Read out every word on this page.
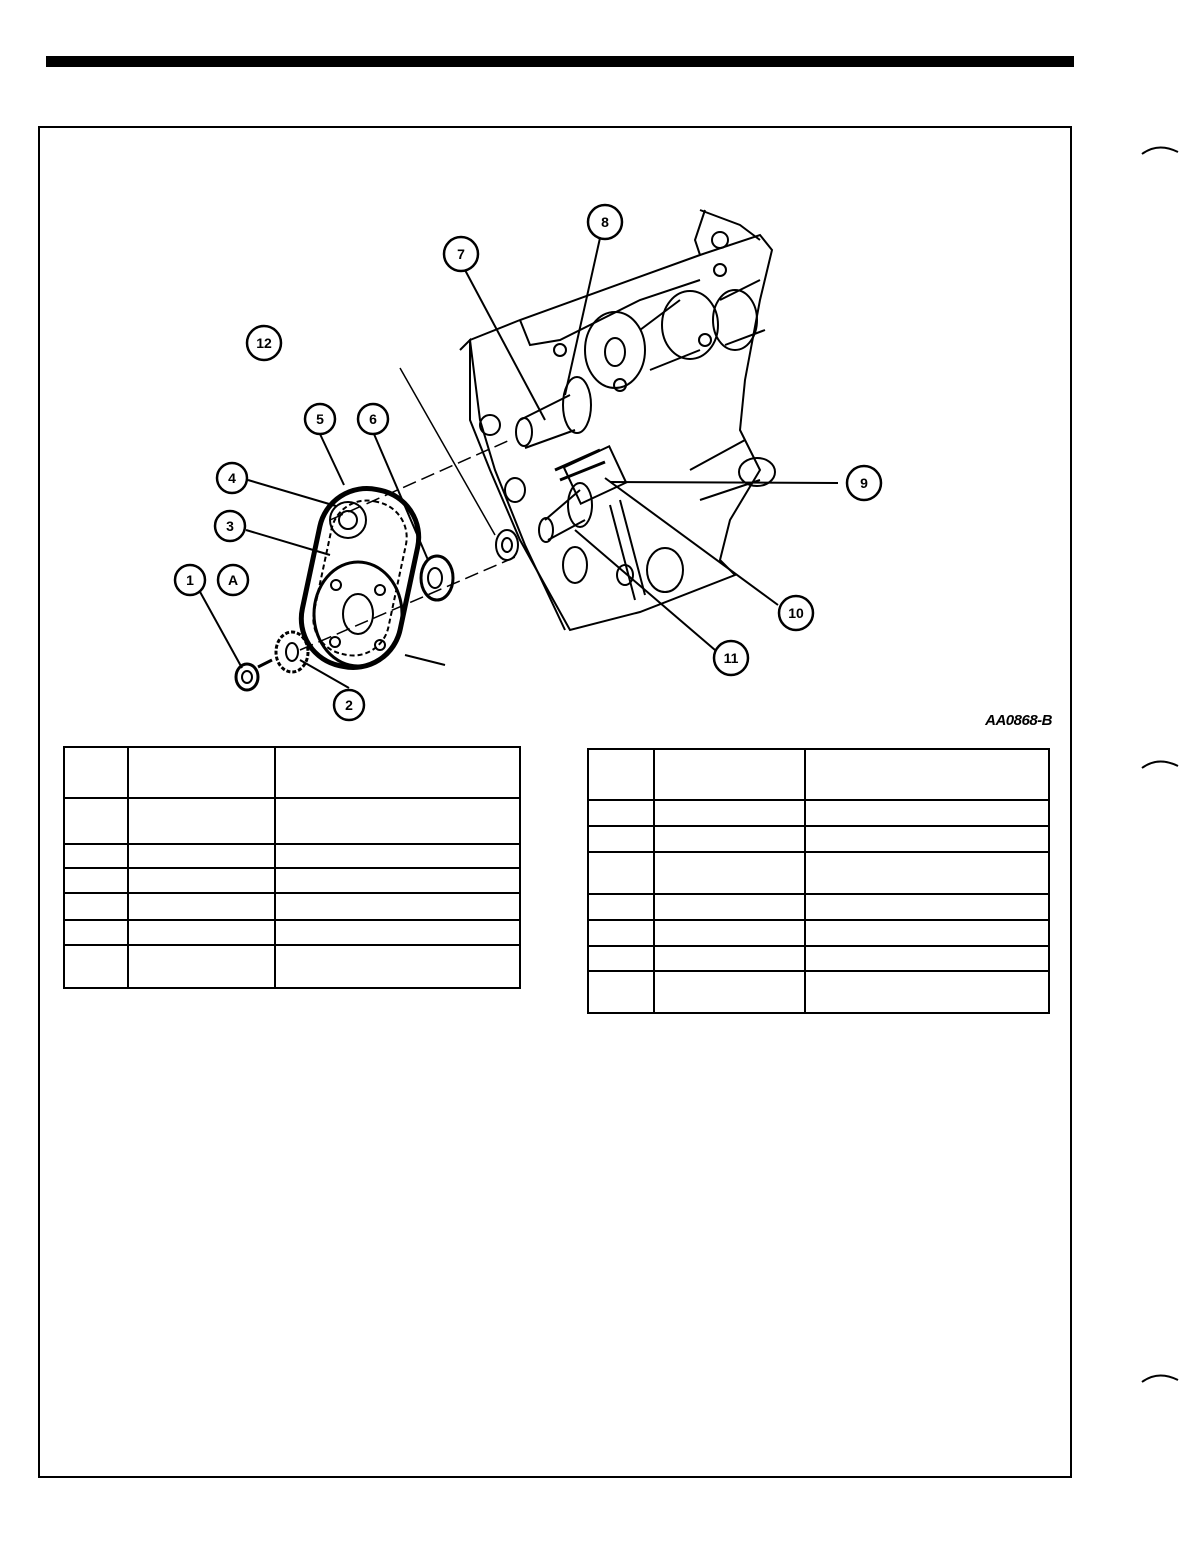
1
2
3
4
5	6
7
8
9
10
11
12
A
AA0868-B
